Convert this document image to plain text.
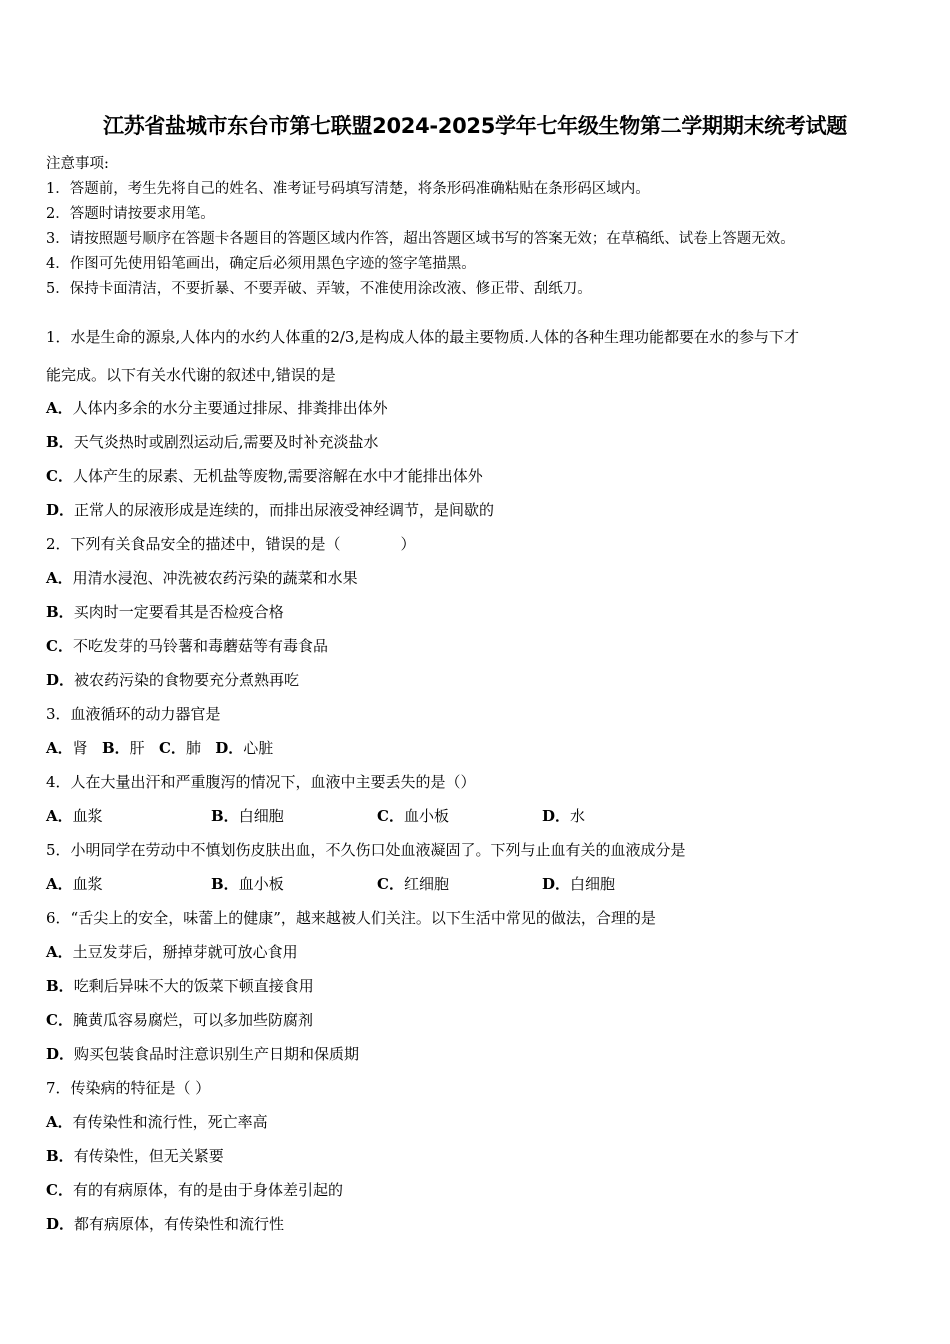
江苏省盐城市东台市第七联盟2024-2025学年七年级生物第二学期期末统考试题
注意事项:
1．答题前，考生先将自己的姓名、准考证号码填写清楚，将条形码准确粘贴在条形码区域内。
2．答题时请按要求用笔。
3．请按照题号顺序在答题卡各题目的答题区域内作答，超出答题区域书写的答案无效；在草稿纸、试卷上答题无效。
4．作图可先使用铅笔画出，确定后必须用黑色字迹的签字笔描黑。
5．保持卡面清洁，不要折暴、不要弄破、弄皱，不准使用涂改液、修正带、刮纸刀。
1．水是生命的源泉,人体内的水约人体重的2/3,是构成人体的最主要物质.人体的各种生理功能都要在水的参与下才
能完成。以下有关水代谢的叙述中,错误的是
A．人体内多余的水分主要通过排尿、排粪排出体外
B．天气炎热时或剧烈运动后,需要及时补充淡盐水
C．人体产生的尿素、无机盐等废物,需要溶解在水中才能排出体外
D．正常人的尿液形成是连续的，而排出尿液受神经调节，是间歇的
2．下列有关食品安全的描述中，错误的是（　　　　）
A．用清水浸泡、冲洗被农药污染的蔬菜和水果
B．买肉时一定要看其是否检疫合格
C．不吃发芽的马铃薯和毒蘑菇等有毒食品
D．被农药污染的食物要充分煮熟再吃
3．血液循环的动力器官是
A．肾 B．肝 C．肺 D．心脏
4．人在大量出汗和严重腹泻的情况下，血液中主要丢失的是（）
A．血浆	B．白细胞	C．血小板	D．水
5．小明同学在劳动中不慎划伤皮肤出血，不久伤口处血液凝固了。下列与止血有关的血液成分是
A．血浆	B．血小板	C．红细胞	D．白细胞
6．“舌尖上的安全，味蕾上的健康”，越来越被人们关注。以下生活中常见的做法，合理的是
A．土豆发芽后，掰掉芽就可放心食用
B．吃剩后异味不大的饭菜下顿直接食用
C．腌黄瓜容易腐烂，可以多加些防腐剂
D．购买包装食品时注意识别生产日期和保质期
7．传染病的特征是（ ）
A．有传染性和流行性，死亡率高
B．有传染性，但无关紧要
C．有的有病原体，有的是由于身体差引起的
D．都有病原体，有传染性和流行性
